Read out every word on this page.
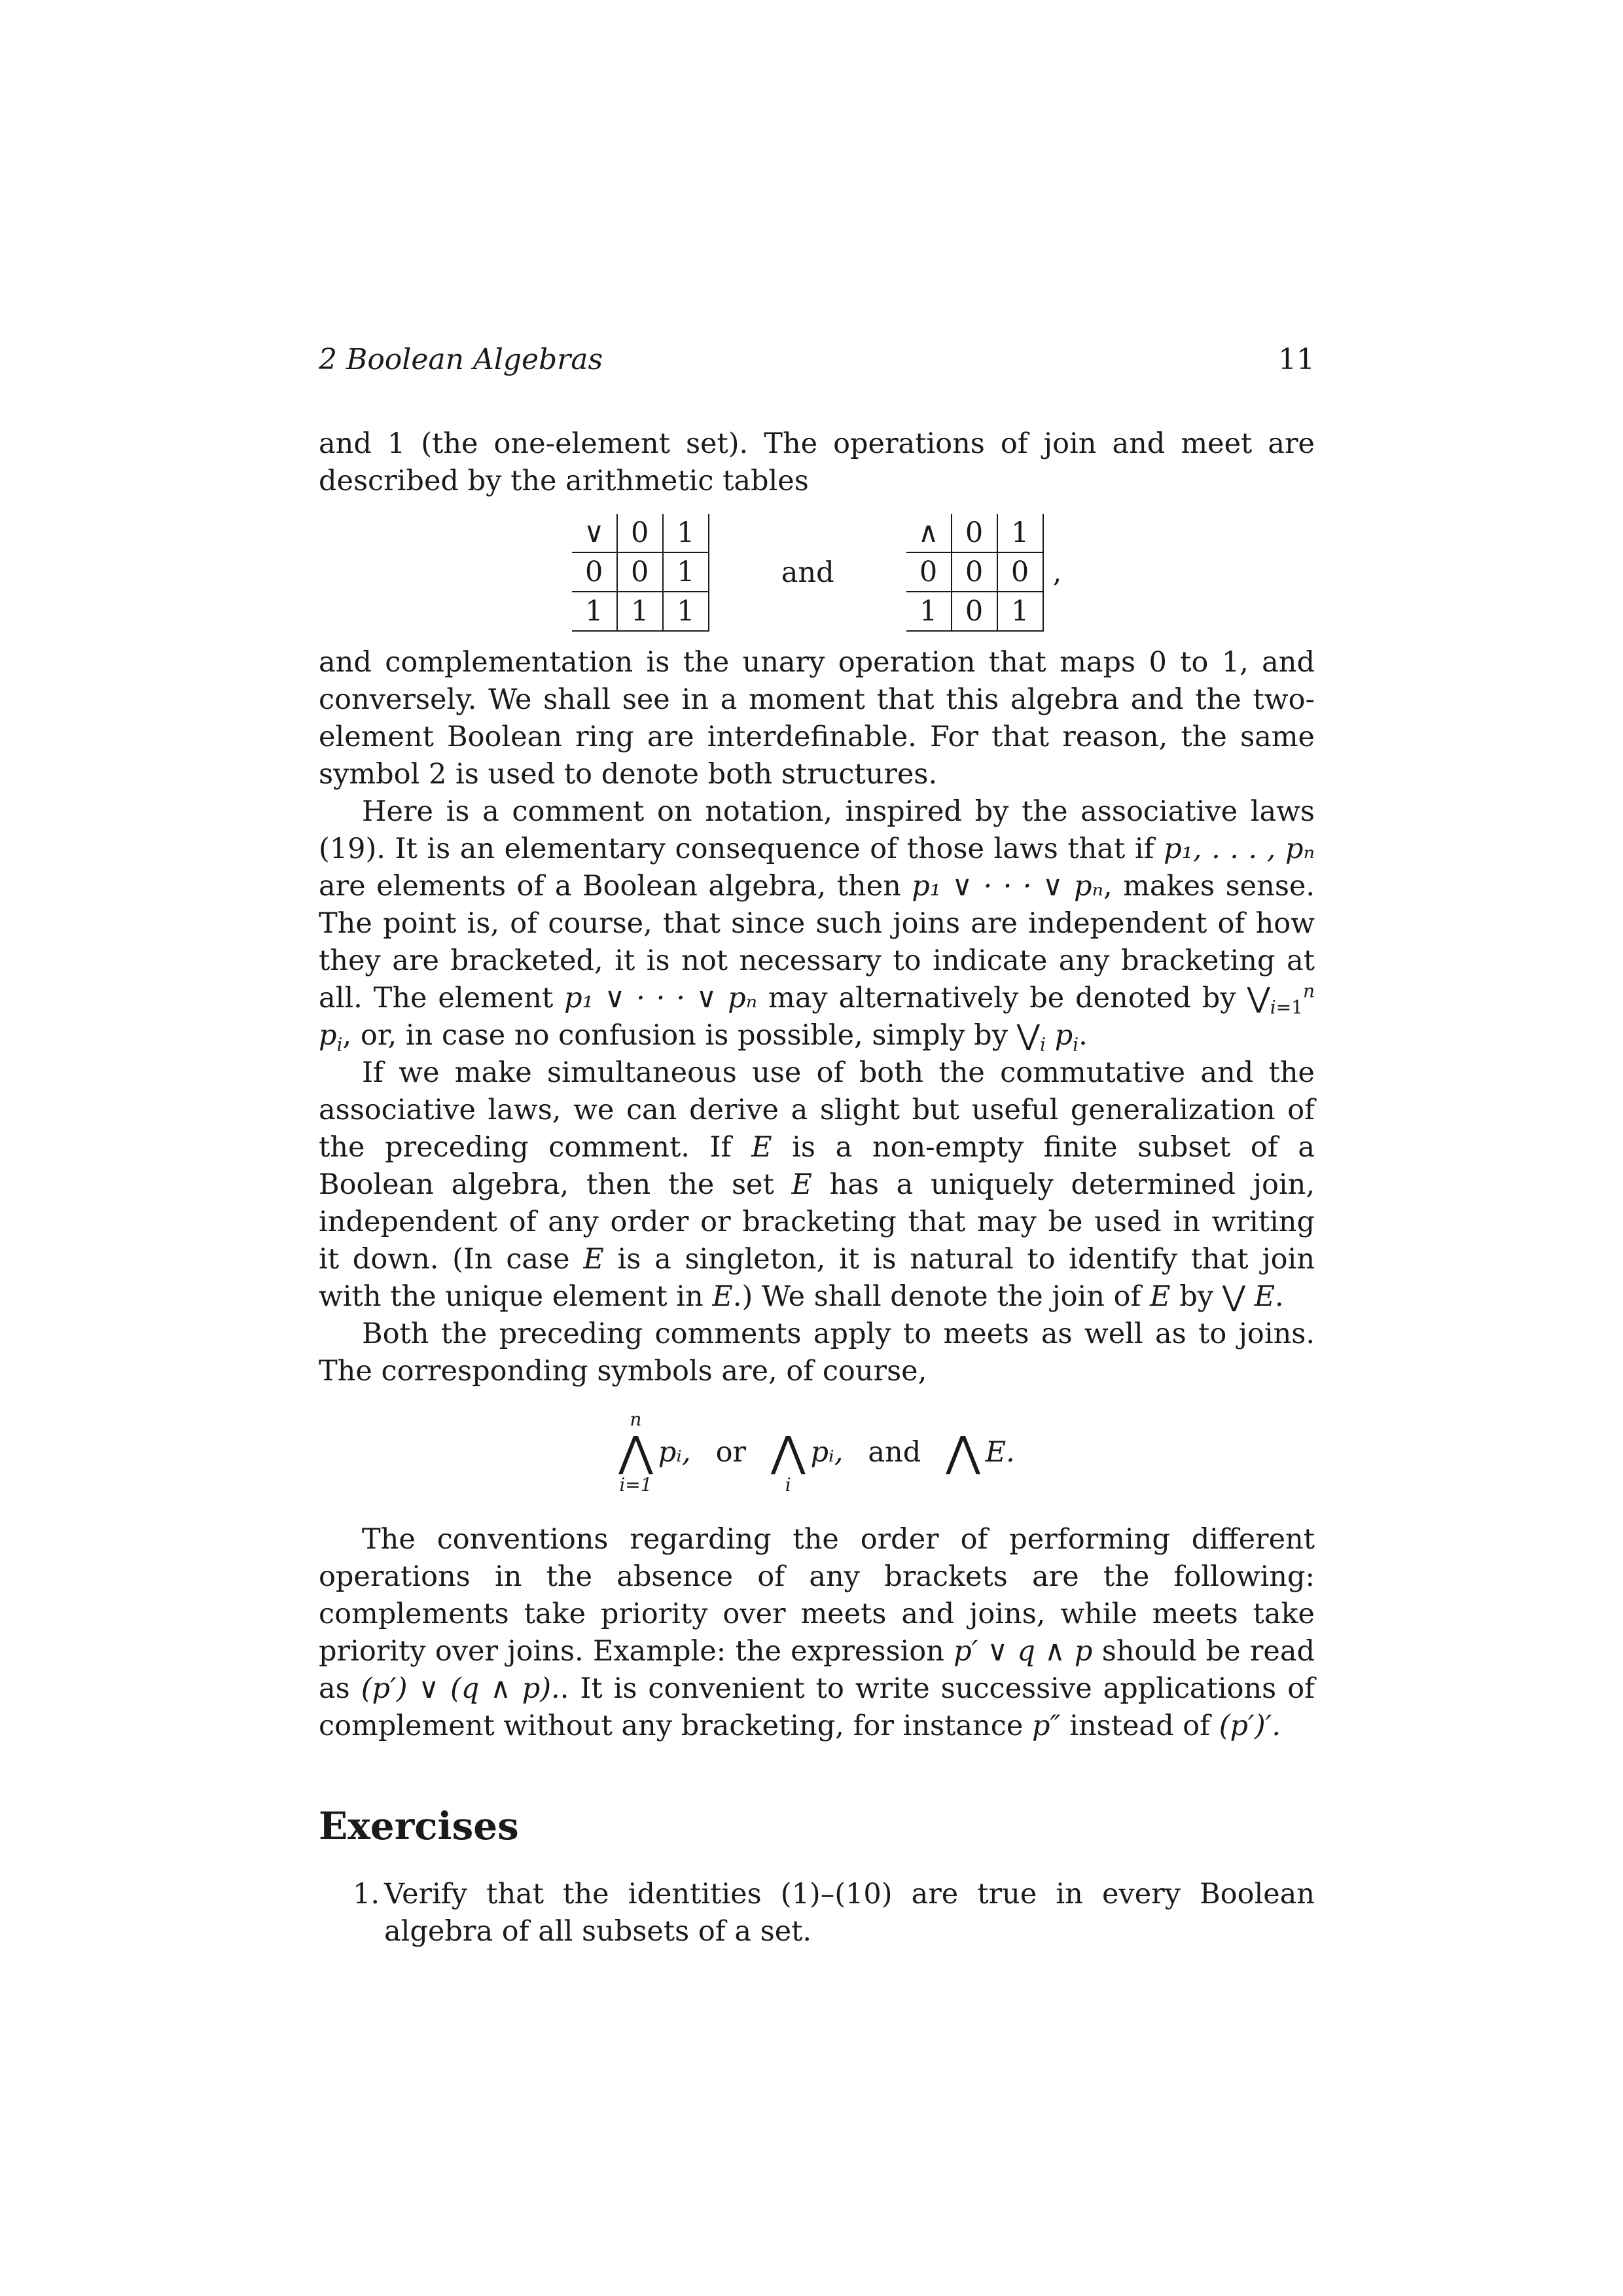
2 Boolean Algebras	11

and 1 (the one-element set). The operations of join and meet are described by the arithmetic tables

∨	0	1
0	0	1
1	1	1
and
∧	0	1
0	0	0
1	0	1
,

and complementation is the unary operation that maps 0 to 1, and conversely. We shall see in a moment that this algebra and the two-element Boolean ring are interdefinable. For that reason, the same symbol 2 is used to denote both structures.

Here is a comment on notation, inspired by the associative laws (19). It is an elementary consequence of those laws that if p₁, . . . , pₙ are elements of a Boolean algebra, then p₁ ∨ · · · ∨ pₙ, makes sense. The point is, of course, that since such joins are independent of how they are bracketed, it is not necessary to indicate any bracketing at all. The element p₁ ∨ · · · ∨ pₙ may alternatively be denoted by $⋁_{i=1}^n$ $p_i$, or, in case no confusion is possible, simply by $⋁_i$ $p_i$.

If we make simultaneous use of both the commutative and the associative laws, we can derive a slight but useful generalization of the preceding comment. If E is a non-empty finite subset of a Boolean algebra, then the set E has a uniquely determined join, independent of any order or bracketing that may be used in writing it down. (In case E is a singleton, it is natural to identify that join with the unique element in E.) We shall denote the join of E by ⋁ E.

Both the preceding comments apply to meets as well as to joins. The corresponding symbols are, of course,

n
⋀
i=1
pᵢ, or ⋀
i
pᵢ, and ⋀ E.

The conventions regarding the order of performing different operations in the absence of any brackets are the following: complements take priority over meets and joins, while meets take priority over joins. Example: the expression p′ ∨ q ∧ p should be read as (p′) ∨ (q ∧ p).. It is convenient to write successive applications of complement without any bracketing, for instance p″ instead of (p′)′.

Exercises
1. Verify that the identities (1)–(10) are true in every Boolean algebra of all subsets of a set.
